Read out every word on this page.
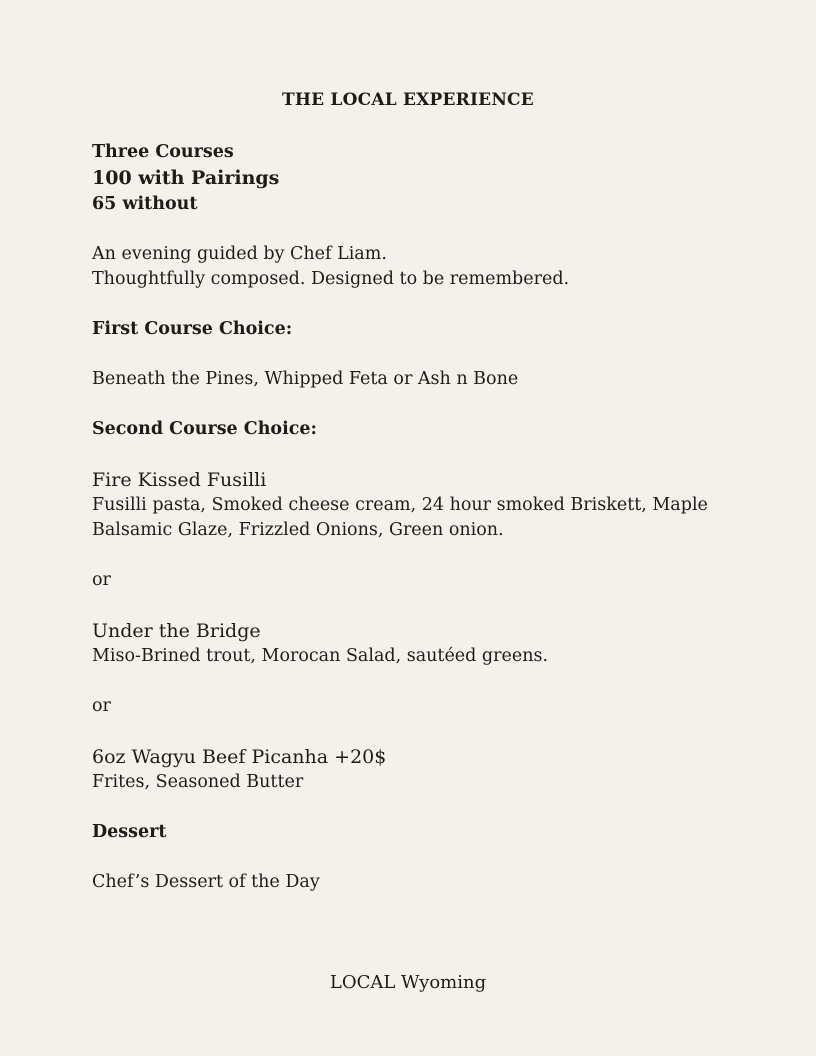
THE LOCAL EXPERIENCE
Three Courses
100 with Pairings
65 without
An evening guided by Chef Liam.
Thoughtfully composed. Designed to be remembered.
First Course Choice:
Beneath the Pines, Whipped Feta or Ash n Bone
Second Course Choice:
Fire Kissed Fusilli
Fusilli pasta, Smoked cheese cream, 24 hour smoked Briskett, Maple Balsamic Glaze, Frizzled Onions, Green onion.
or
Under the Bridge
Miso-Brined trout, Morocan Salad, sautéed greens.
or
6oz Wagyu Beef Picanha +20$
Frites, Seasoned Butter
Dessert
Chef’s Dessert of the Day
LOCAL Wyoming
